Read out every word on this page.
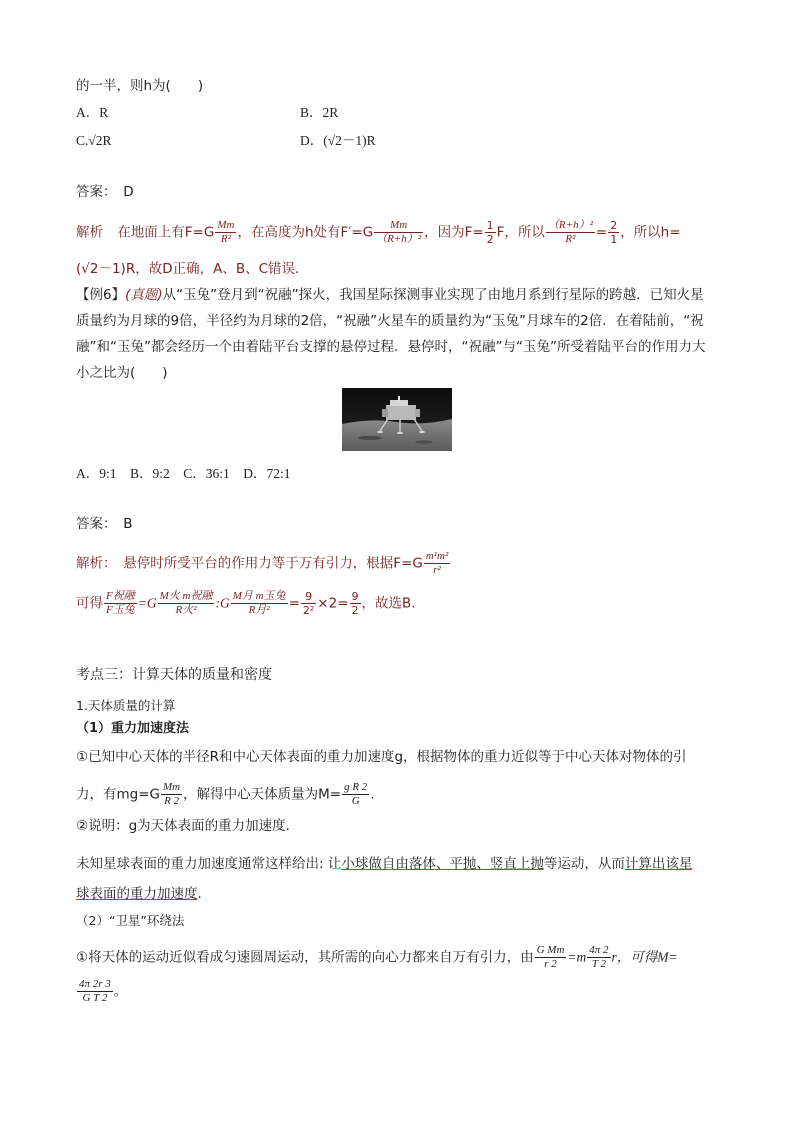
的一半，则h为(　　)
A．R	B．2R
C.√2R	D．(√2－1)R
答案：　D
解析 在地面上有$F=G \frac{Mm}{\text{R²}}$ ，在高度为h处有$F'=G \frac{Mm}{\text{（R+h）²}}$ ，因为$F= \frac{1}{2}$ F，所以 $\frac{\text{（R+h）²}}{\text{R²}} = \frac{2}{1}$ ，所以h=
(√2－1)R，故D正确，A、B、C错误．
【例6】(真题)从“玉兔”登月到“祝融”探火，我国星际探测事业实现了由地月系到行星际的跨越．已知火星
质量约为月球的9倍，半径约为月球的2倍，“祝融”火星车的质量约为“玉兔”月球车的2倍．在着陆前，“祝
融”和“玉兔”都会经历一个由着陆平台支撑的悬停过程．悬停时，“祝融”与“玉兔”所受着陆平台的作用力大
小之比为(　　)
A．9:1　B．9:2　C．36:1　D．72:1
答案：　B
解析：　悬停时所受平台的作用力等于万有引力，根据$F=G \frac{\text{m¹m²}}{\text{r²}}$
可得 $\frac{\text{F祝融}}{\text{F玉兔}} =G \frac{\text{M火 m祝融}}{\text{R火²}}$ :G $\frac{\text{M月 m玉兔}}{\text{R月²}} = \frac{9}{\text{2²}} \times 2= \frac{9}{2}$ ，故选B.
考点三：计算天体的质量和密度
1.天体质量的计算
（1）重力加速度法
①已知中心天体的半径R和中心天体表面的重力加速度g，根据物体的重力近似等于中心天体对物体的引
力，有$mg=G \frac{Mm}{R 2}$ ，解得中心天体质量为$M= \frac{\text{g R 2}}{G}$ .
②说明：g为天体表面的重力加速度．
未知星球表面的重力加速度通常这样给出: 让小球做自由落体、平抛、竖直上抛等运动，从而计算出该星
球表面的重力加速度.
（2）“卫星”环绕法
①将天体的运动近似看成匀速圆周运动，其所需的向心力都来自万有引力，由 $\frac{\text{G Mm}}{r 2} =m \frac{4\pi 2}{T 2}$ r，可得M=
$\frac{4\pi 2r 3}{\text{G T 2}}$ 。
